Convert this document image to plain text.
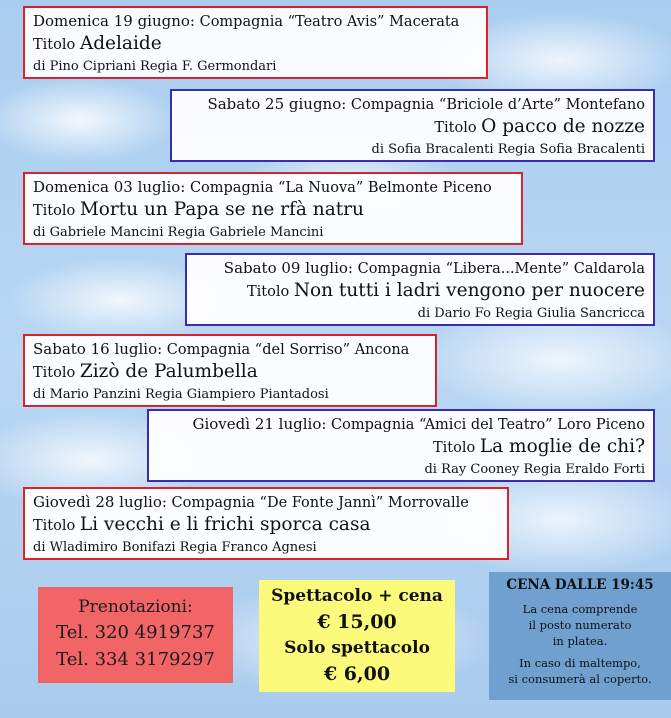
Domenica 19 giugno: Compagnia “Teatro Avis” Macerata
Titolo Adelaide
di Pino Cipriani Regia F. Germondari
Sabato 25 giugno: Compagnia “Briciole d’Arte” Montefano
Titolo O pacco de nozze
di Sofia Bracalenti Regia Sofia Bracalenti
Domenica 03 luglio: Compagnia “La Nuova” Belmonte Piceno
Titolo Mortu un Papa se ne rfà natru
di Gabriele Mancini Regia Gabriele Mancini
Sabato 09 luglio: Compagnia “Libera...Mente” Caldarola
Titolo Non tutti i ladri vengono per nuocere
di Dario Fo Regia Giulia Sancricca
Sabato 16 luglio: Compagnia “del Sorriso” Ancona
Titolo Zizò de Palumbella
di Mario Panzini Regia Giampiero Piantadosi
Giovedì 21 luglio: Compagnia “Amici del Teatro” Loro Piceno
Titolo La moglie de chi?
di Ray Cooney Regia Eraldo Forti
Giovedì 28 luglio: Compagnia “De Fonte Jannì” Morrovalle
Titolo Li vecchi e li frichi sporca casa
di Wladimiro Bonifazi Regia Franco Agnesi
Prenotazioni:
Tel. 320 4919737
Tel. 334 3179297
Spettacolo + cena
€ 15,00
Solo spettacolo
€ 6,00
CENA DALLE 19:45
La cena comprende
il posto numerato
in platea.
In caso di maltempo,
si consumerà al coperto.
